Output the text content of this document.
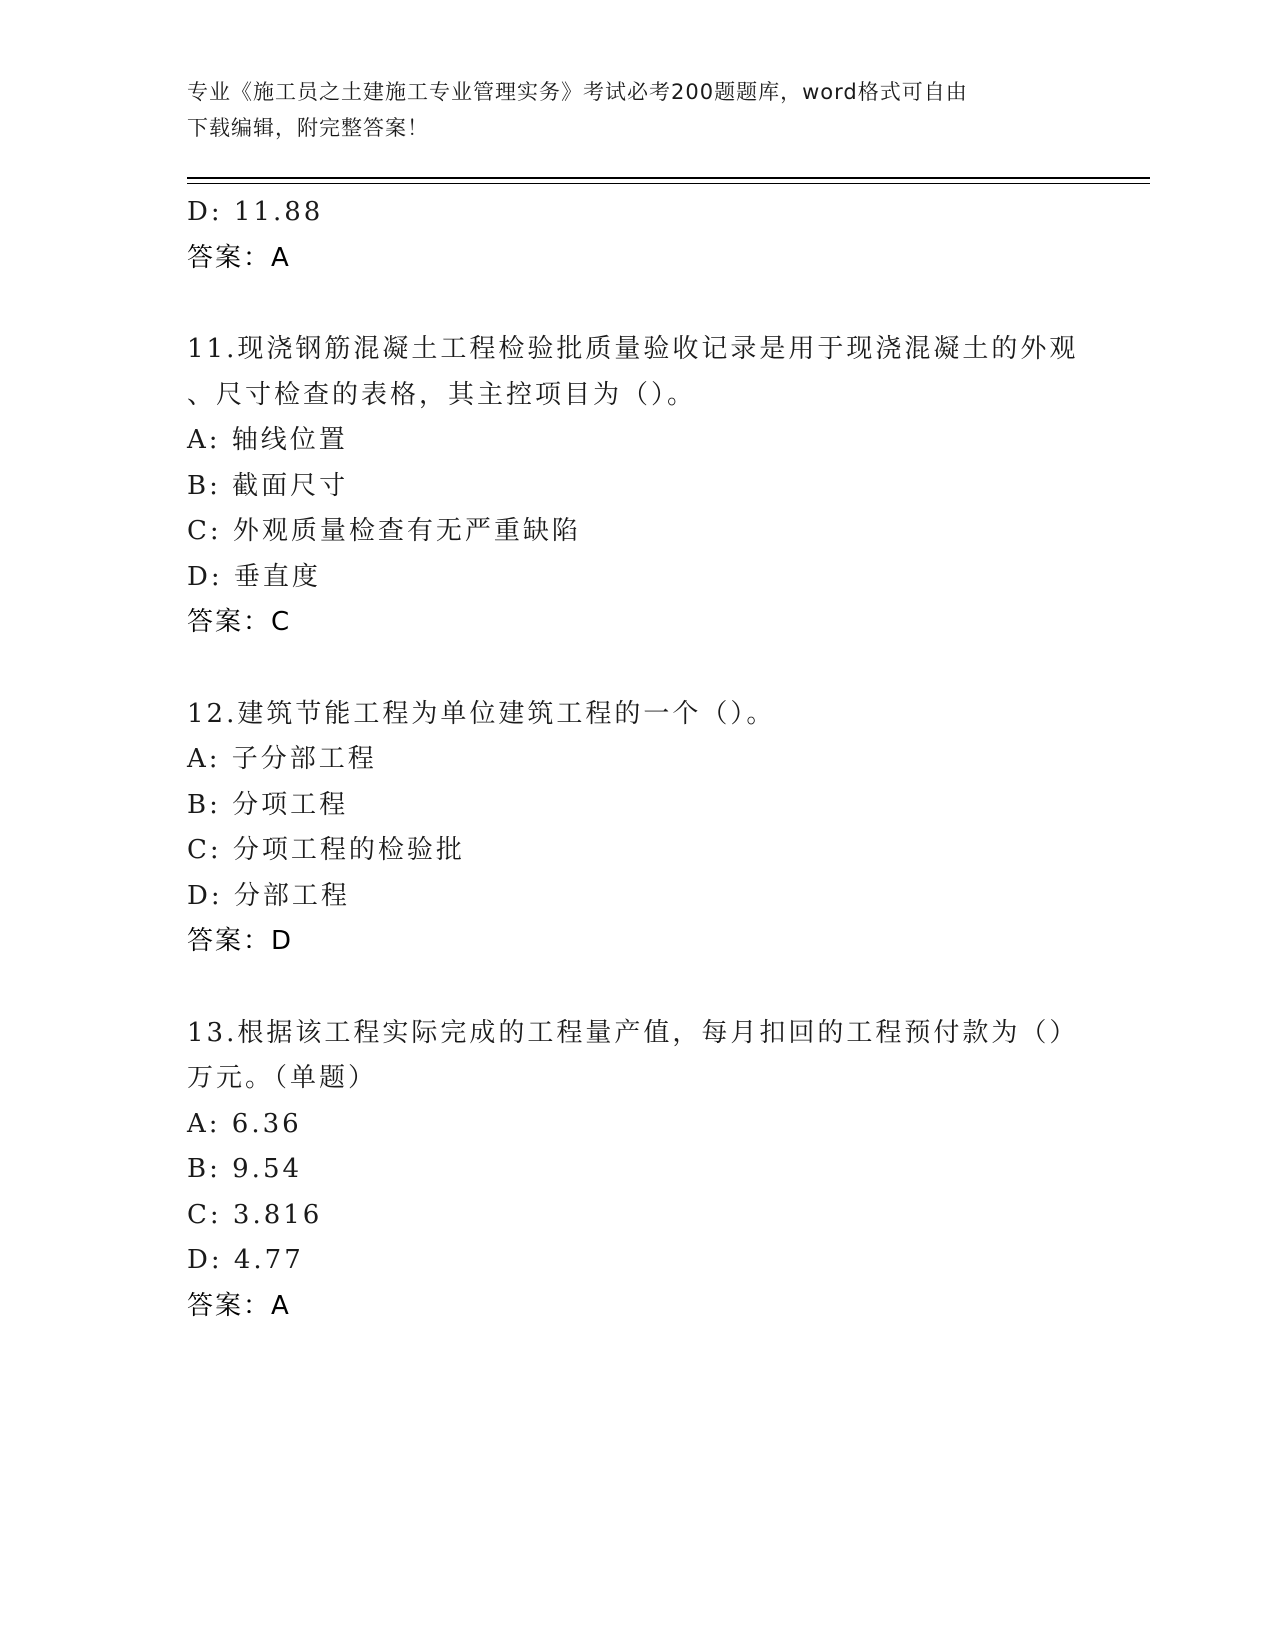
专业《施工员之土建施工专业管理实务》考试必考200题题库，word格式可自由
下载编辑，附完整答案！
D: 11.88
答案：A
11.现浇钢筋混凝土工程检验批质量验收记录是用于现浇混凝土的外观
、尺寸检查的表格，其主控项目为（）。
A: 轴线位置
B: 截面尺寸
C: 外观质量检查有无严重缺陷
D: 垂直度
答案：C
12.建筑节能工程为单位建筑工程的一个（）。
A: 子分部工程
B: 分项工程
C: 分项工程的检验批
D: 分部工程
答案：D
13.根据该工程实际完成的工程量产值，每月扣回的工程预付款为（）
万元。（单题）
A: 6.36
B: 9.54
C: 3.816
D: 4.77
答案：A
